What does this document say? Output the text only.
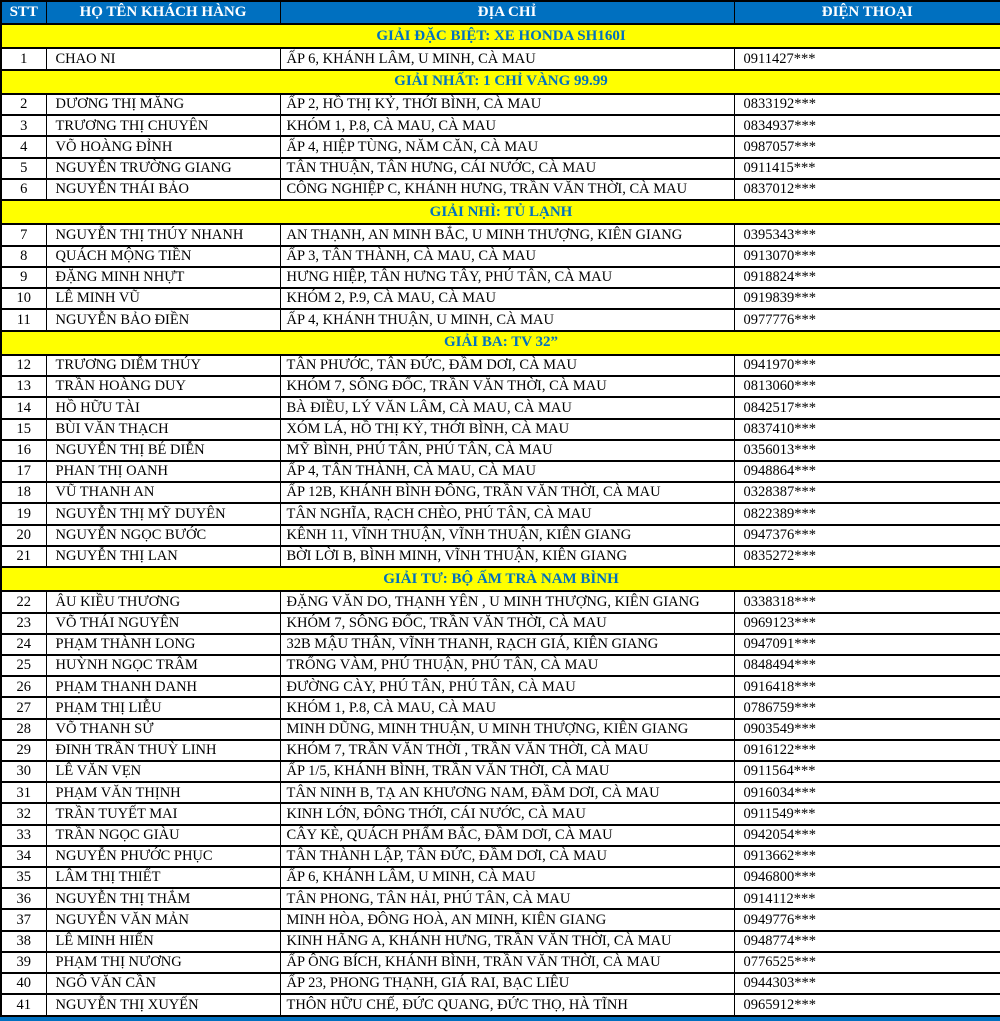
STT	HỌ TÊN KHÁCH HÀNG	ĐỊA CHỈ	ĐIỆN THOẠI
GIẢI ĐẶC BIỆT: XE HONDA SH160I			
1	CHAO NI	ẤP 6, KHÁNH LÂM, U MINH, CÀ MAU	0911427***
GIẢI NHẤT: 1 CHỈ VÀNG 99.99			
2	DƯƠNG THỊ MĂNG	ẤP 2, HỒ THỊ KỶ, THỚI BÌNH, CÀ MAU	0833192***
3	TRƯƠNG THỊ CHUYÊN	KHÓM 1, P.8, CÀ MAU, CÀ MAU	0834937***
4	VÕ HOÀNG ĐỈNH	ẤP 4, HIỆP TÙNG, NĂM CĂN, CÀ MAU	0987057***
5	NGUYỄN TRƯỜNG GIANG	TÂN THUẬN, TÂN HƯNG, CÁI NƯỚC, CÀ MAU	0911415***
6	NGUYỄN THÁI BẢO	CÔNG NGHIỆP C, KHÁNH HƯNG, TRẦN VĂN THỜI, CÀ MAU	0837012***
GIẢI NHÌ: TỦ LẠNH			
7	NGUYỄN THỊ THÚY NHANH	AN THẠNH, AN MINH BẮC, U MINH THƯỢNG, KIÊN GIANG	0395343***
8	QUÁCH MỘNG TIỀN	ẤP 3, TÂN THÀNH, CÀ MAU, CÀ MAU	0913070***
9	ĐẶNG MINH NHỰT	HƯNG HIỆP, TÂN HƯNG TÂY, PHÚ TÂN, CÀ MAU	0918824***
10	LÊ MINH VŨ	KHÓM 2, P.9, CÀ MAU, CÀ MAU	0919839***
11	NGUYỄN BẢO ĐIỀN	ẤP 4, KHÁNH THUẬN, U MINH, CÀ MAU	0977776***
GIẢI BA: TV 32”			
12	TRƯƠNG DIỄM THÚY	TÂN PHƯỚC, TÂN ĐỨC, ĐẦM DƠI, CÀ MAU	0941970***
13	TRẦN HOÀNG DUY	KHÓM 7, SÔNG ĐỐC, TRẦN VĂN THỜI, CÀ MAU	0813060***
14	HỒ HỮU TÀI	BÀ ĐIỀU, LÝ VĂN LÂM, CÀ MAU, CÀ MAU	0842517***
15	BÙI VĂN THẠCH	XÓM LÁ, HỒ THỊ KỶ, THỚI BÌNH, CÀ MAU	0837410***
16	NGUYỄN THỊ BÉ DIỄN	MỸ BÌNH, PHÚ TÂN, PHÚ TÂN, CÀ MAU	0356013***
17	PHAN THỊ OANH	ẤP 4, TÂN THÀNH, CÀ MAU, CÀ MAU	0948864***
18	VŨ THANH AN	ẤP 12B, KHÁNH BÌNH ĐÔNG, TRẦN VĂN THỜI, CÀ MAU	0328387***
19	NGUYỄN THỊ MỸ DUYÊN	TÂN NGHĨA, RẠCH CHÈO, PHÚ TÂN, CÀ MAU	0822389***
20	NGUYỄN NGỌC BƯỚC	KÊNH 11, VĨNH THUẬN, VĨNH THUẬN, KIÊN GIANG	0947376***
21	NGUYỄN THỊ LAN	BỜI LỜI B, BÌNH MINH, VĨNH THUẬN, KIÊN GIANG	0835272***
GIẢI TƯ: BỘ ẤM TRÀ NAM BÌNH			
22	ÂU KIỀU THƯƠNG	ĐẶNG VĂN DO, THẠNH YÊN , U MINH THƯỢNG, KIÊN GIANG	0338318***
23	VÕ THÁI NGUYÊN	KHÓM 7, SÔNG ĐỐC, TRẦN VĂN THỜI, CÀ MAU	0969123***
24	PHẠM THÀNH LONG	32B MẬU THÂN, VĨNH THANH, RẠCH GIÁ, KIÊN GIANG	0947091***
25	HUỲNH NGỌC TRÂM	TRỐNG VÀM, PHÚ THUẬN, PHÚ TÂN, CÀ MAU	0848494***
26	PHẠM THANH DANH	ĐƯỜNG CÀY, PHÚ TÂN, PHÚ TÂN, CÀ MAU	0916418***
27	PHẠM THỊ LIỄU	KHÓM 1, P.8, CÀ MAU, CÀ MAU	0786759***
28	VÕ THANH SỬ	MINH DŨNG, MINH THUẬN, U MINH THƯỢNG, KIÊN GIANG	0903549***
29	ĐINH TRẦN THUỲ LINH	KHÓM 7, TRẦN VĂN THỜI , TRẦN VĂN THỜI, CÀ MAU	0916122***
30	LÊ VĂN VẸN	ẤP 1/5, KHÁNH BÌNH, TRẦN VĂN THỜI, CÀ MAU	0911564***
31	PHẠM VĂN THỊNH	TÂN NINH B, TẠ AN KHƯƠNG NAM, ĐẦM DƠI, CÀ MAU	0916034***
32	TRẦN TUYẾT MAI	KINH LỚN, ĐÔNG THỚI, CÁI NƯỚC, CÀ MAU	0911549***
33	TRẦN NGỌC GIÀU	CÂY KÈ, QUÁCH PHẨM BẮC, ĐẦM DƠI, CÀ MAU	0942054***
34	NGUYỄN PHƯỚC PHỤC	TÂN THÀNH LẬP, TÂN ĐỨC, ĐẦM DƠI, CÀ MAU	0913662***
35	LÂM THỊ THIẾT	ẤP 6, KHÁNH LÂM, U MINH, CÀ MAU	0946800***
36	NGUYỄN THỊ THẮM	TÂN PHONG, TÂN HẢI, PHÚ TÂN, CÀ MAU	0914112***
37	NGUYỄN VĂN MẢN	MINH HÒA, ĐÔNG HOÀ, AN MINH, KIÊN GIANG	0949776***
38	LÊ MINH HIẾN	KINH HÃNG A, KHÁNH HƯNG, TRẦN VĂN THỜI, CÀ MAU	0948774***
39	PHẠM THỊ NƯƠNG	ẤP ÔNG BÍCH, KHÁNH BÌNH, TRẦN VĂN THỜI, CÀ MAU	0776525***
40	NGÔ VĂN CẦN	ẤP 23, PHONG THẠNH, GIÁ RAI, BẠC LIÊU	0944303***
41	NGUYỄN THỊ XUYẾN	THÔN HỮU CHẾ, ĐỨC QUANG, ĐỨC THỌ, HÀ TĨNH	0965912***
